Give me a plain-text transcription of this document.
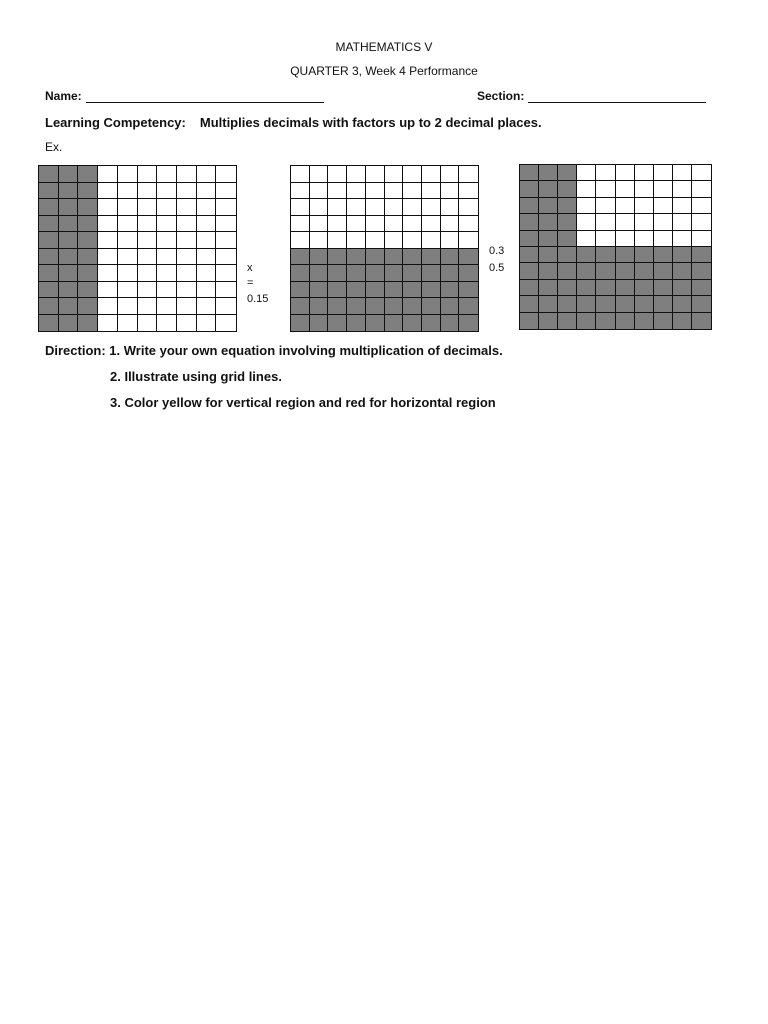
MATHEMATICS V
QUARTER 3, Week 4 Performance
Name:	Section:
Learning Competency: Multiplies decimals with factors up to 2 decimal places.
Ex.
x
=
0.15
0.3
0.5
Direction: 1. Write your own equation involving multiplication of decimals.
2. Illustrate using grid lines.
3. Color yellow for vertical region and red for horizontal region
